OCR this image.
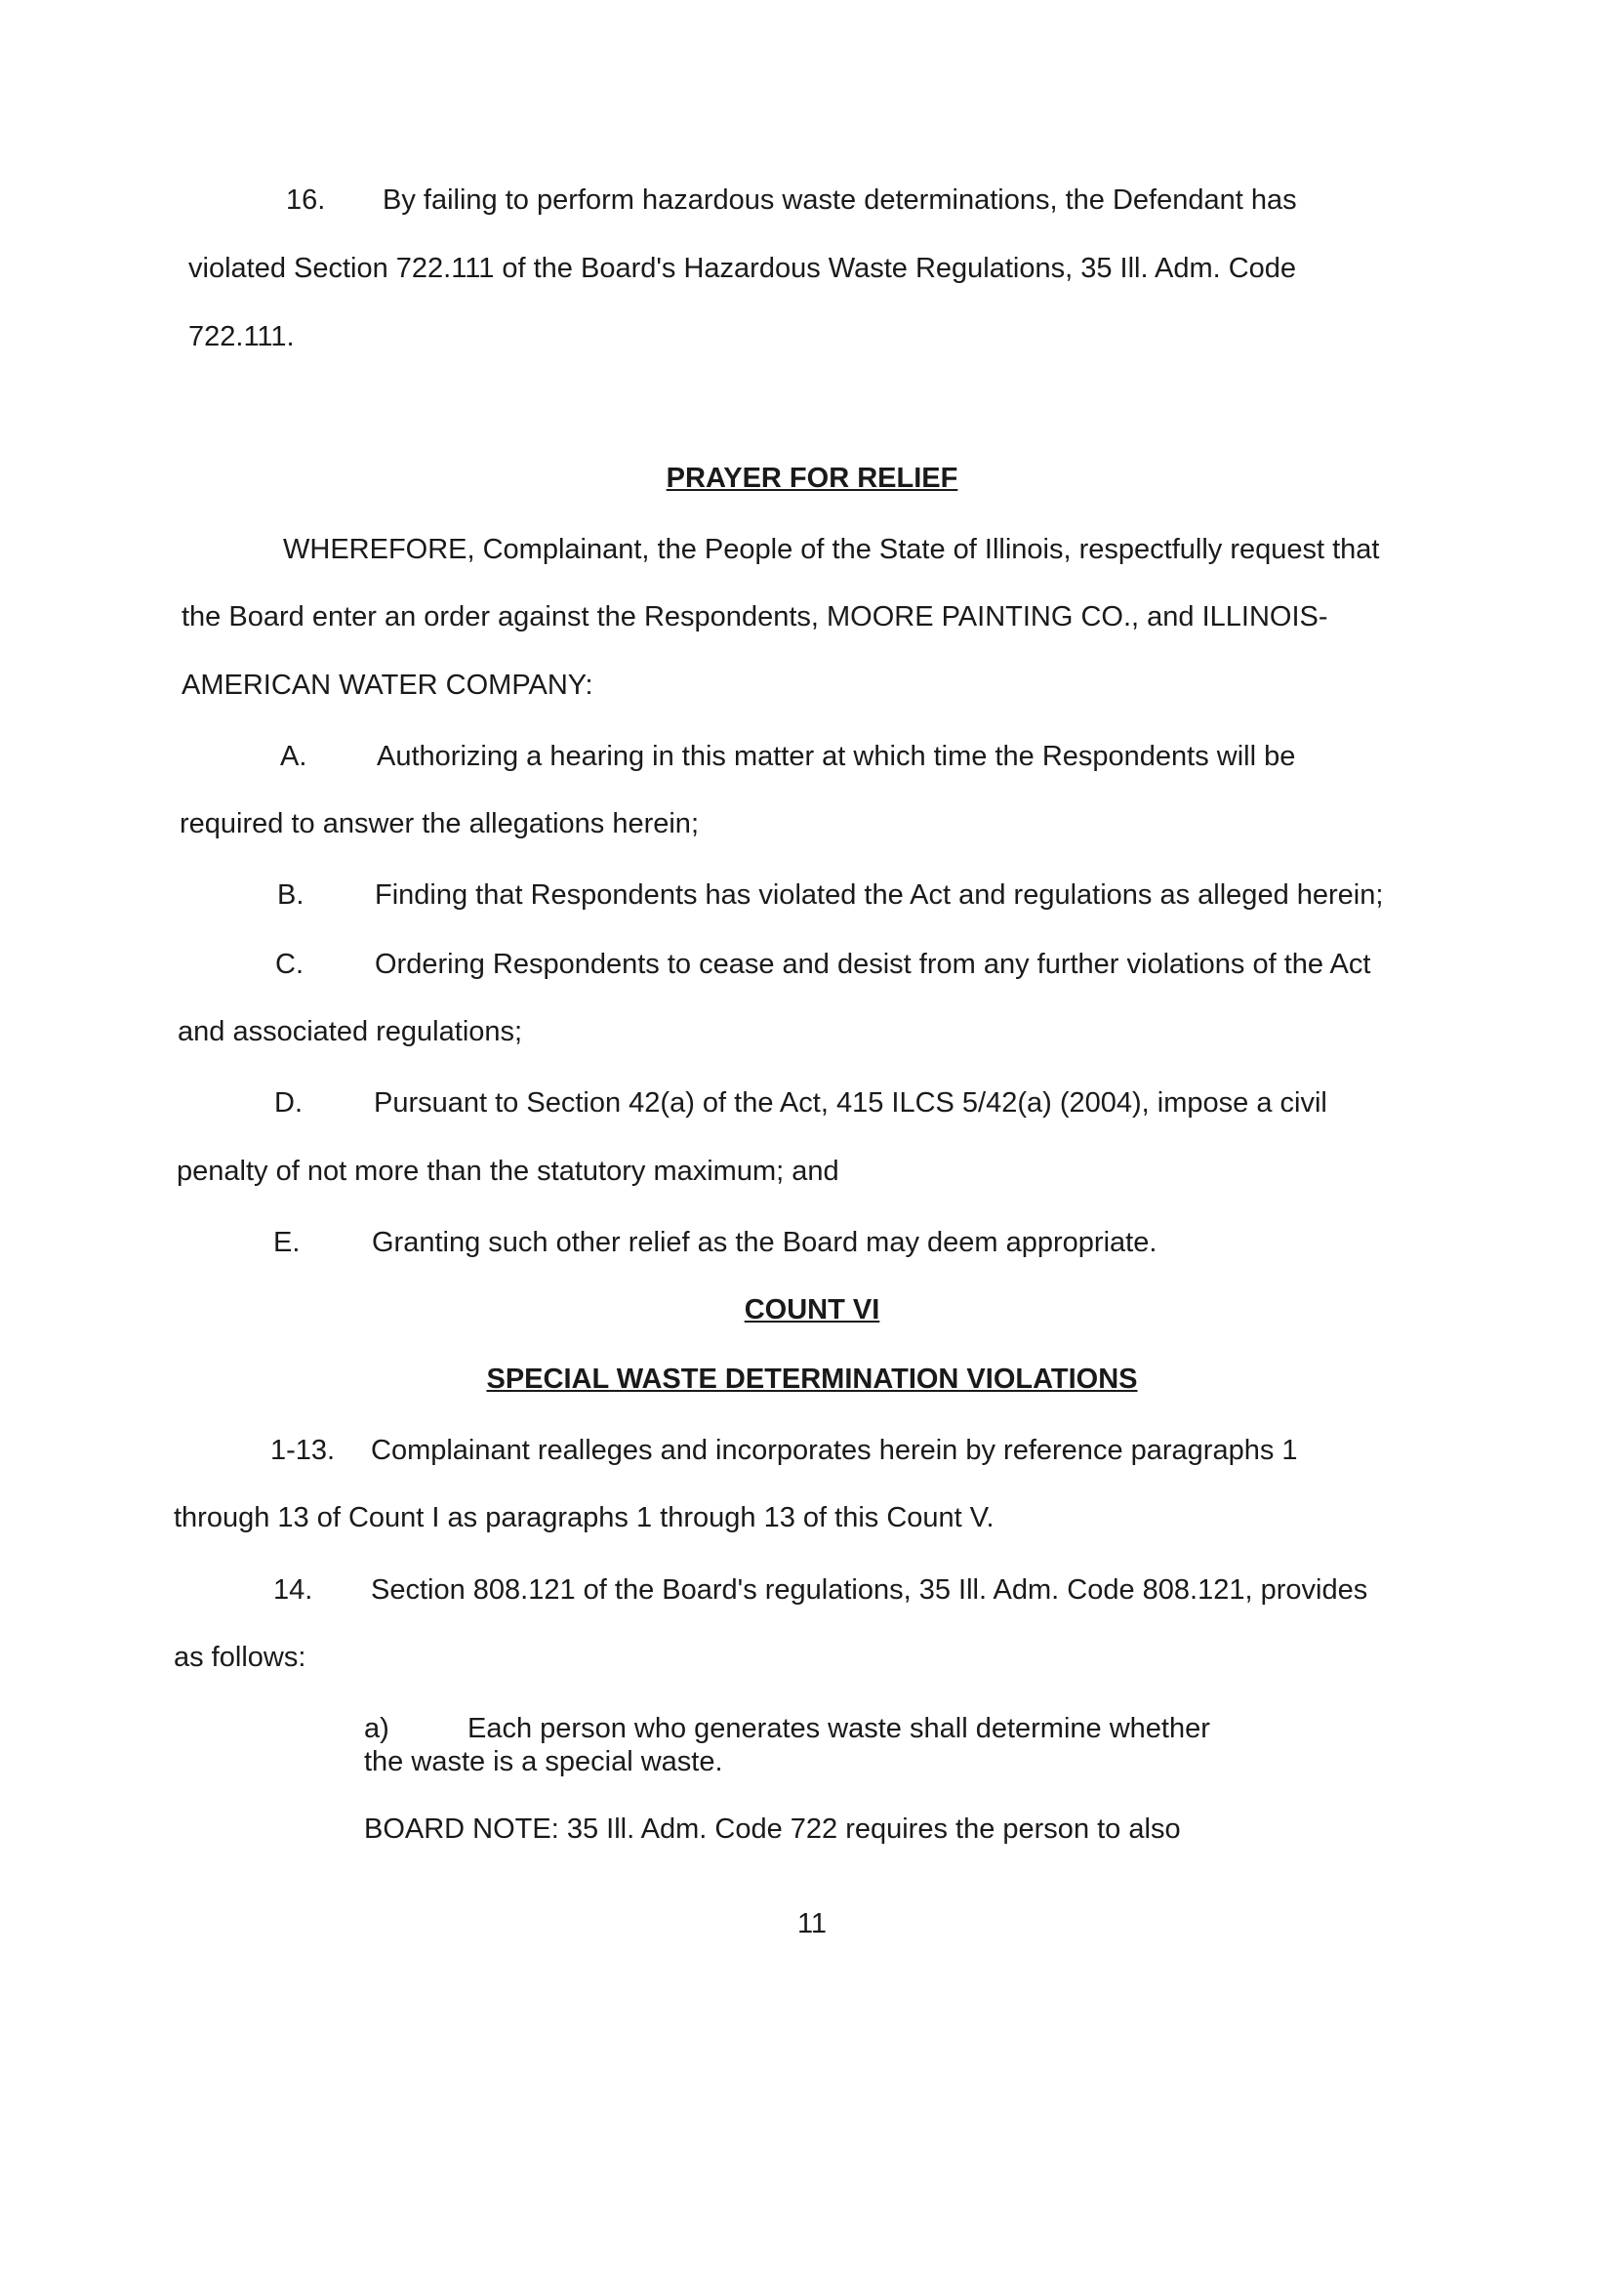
16. By failing to perform hazardous waste determinations, the Defendant has
violated Section 722.111 of the Board's Hazardous Waste Regulations, 35 Ill. Adm. Code
722.111.
PRAYER FOR RELIEF
WHEREFORE, Complainant, the People of the State of Illinois, respectfully request that
the Board enter an order against the Respondents, MOORE PAINTING CO., and ILLINOIS-
AMERICAN WATER COMPANY:
A. Authorizing a hearing in this matter at which time the Respondents will be
required to answer the allegations herein;
B.	Finding that Respondents has violated the Act and regulations as alleged herein;
C.	Ordering Respondents to cease and desist from any further violations of the Act
and associated regulations;
D.	Pursuant to Section 42(a) of the Act, 415 ILCS 5/42(a) (2004), impose a civil
penalty of not more than the statutory maximum; and
E.	Granting such other relief as the Board may deem appropriate.
COUNT VI
SPECIAL WASTE DETERMINATION VIOLATIONS
1-13. Complainant realleges and incorporates herein by reference paragraphs 1
through 13 of Count I as paragraphs 1 through 13 of this Count V.
14. Section 808.121 of the Board's regulations, 35 Ill. Adm. Code 808.121, provides
as follows:
a)	Each person who generates waste shall determine whether
the waste is a special waste.
BOARD NOTE: 35 Ill. Adm. Code 722 requires the person to also
11
